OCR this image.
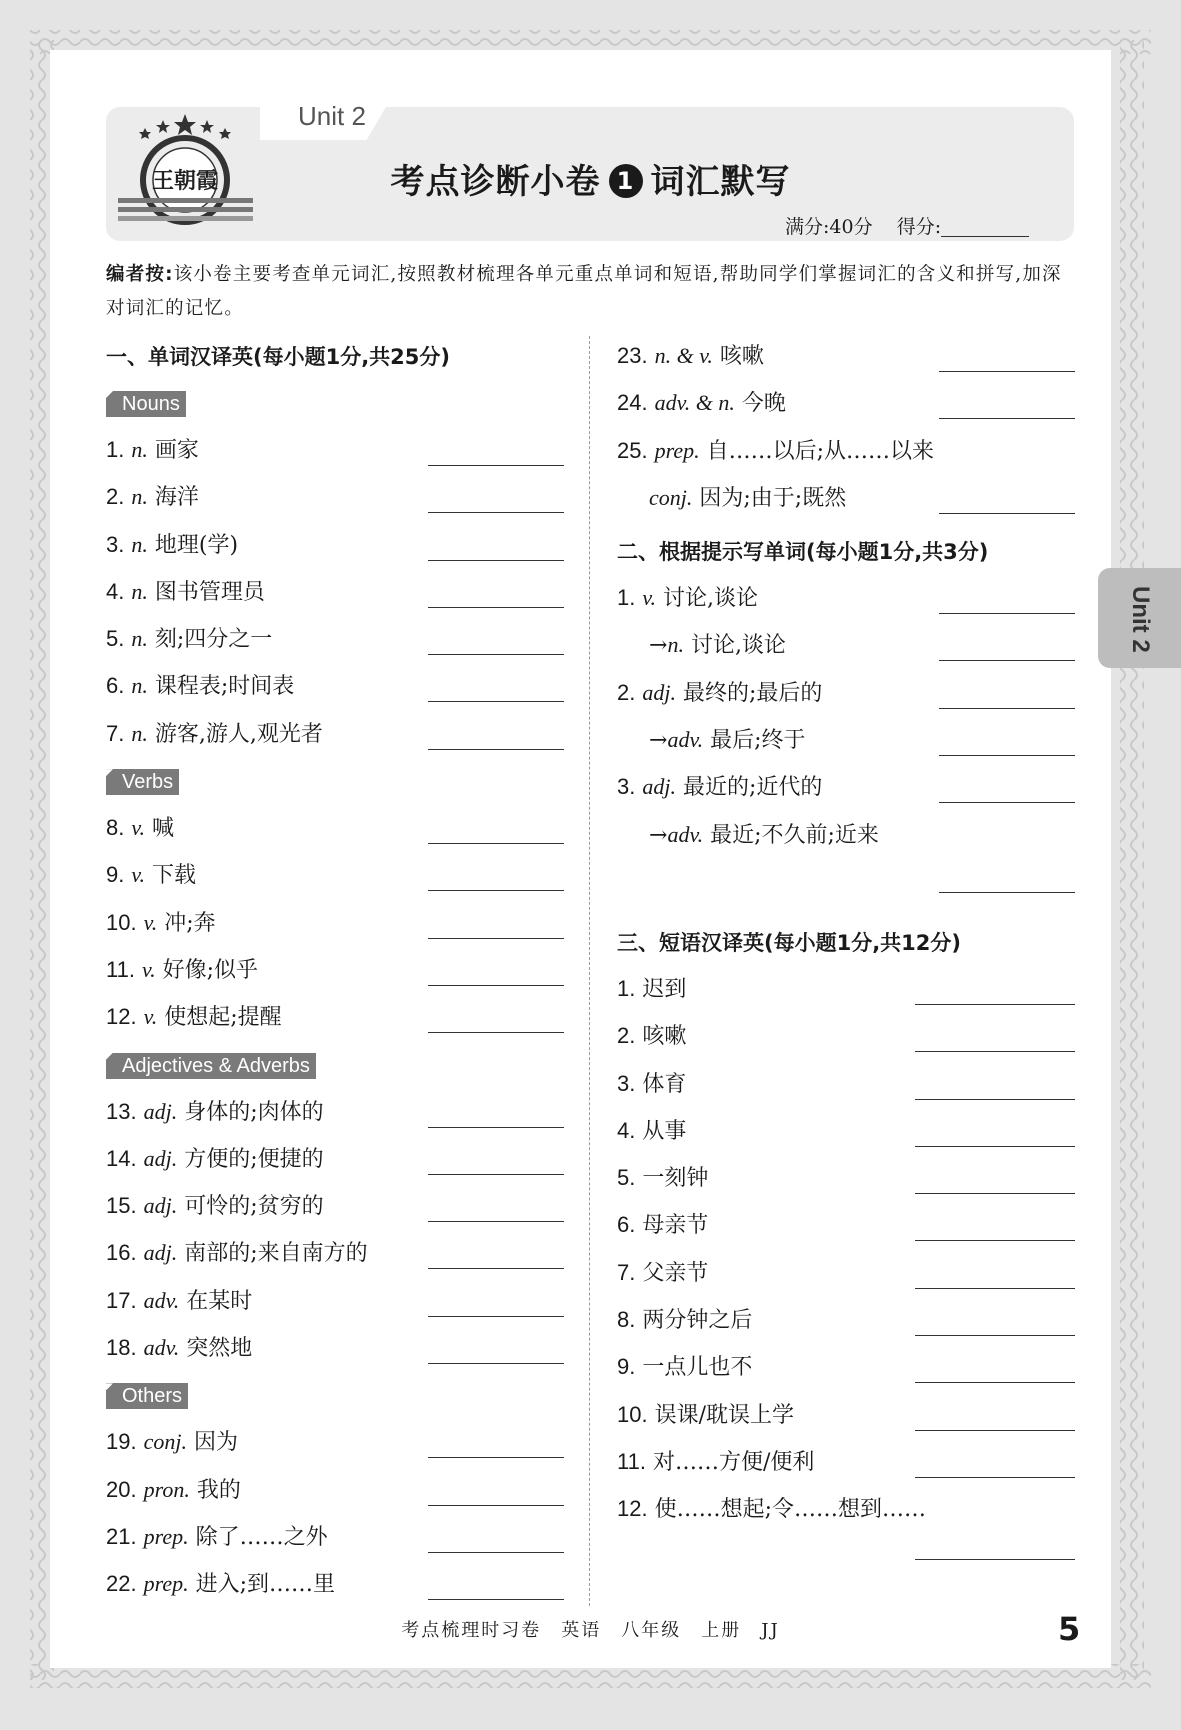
Unit 2
王朝霞	考点诊断小卷 1 词汇默写
满分:40分 得分:
编者按:该小卷主要考查单元词汇,按照教材梳理各单元重点单词和短语,帮助同学们掌握词汇的含义和拼写,加深对词汇的记忆。
一、单词汉译英(每小题1分,共25分)
Nouns
1. n. 画家
2. n. 海洋
3. n. 地理(学)
4. n. 图书管理员
5. n. 刻;四分之一
6. n. 课程表;时间表
7. n. 游客,游人,观光者
Verbs
8. v. 喊
9. v. 下载
10. v. 冲;奔
11. v. 好像;似乎
12. v. 使想起;提醒
Adjectives & Adverbs
13. adj. 身体的;肉体的
14. adj. 方便的;便捷的
15. adj. 可怜的;贫穷的
16. adj. 南部的;来自南方的
17. adv. 在某时
18. adv. 突然地
Others
19. conj. 因为
20. pron. 我的
21. prep. 除了……之外
22. prep. 进入;到……里
23. n. & v. 咳嗽
24. adv. & n. 今晚
25. prep. 自……以后;从……以来
conj. 因为;由于;既然
二、根据提示写单词(每小题1分,共3分)
1. v. 讨论,谈论
→n. 讨论,谈论
2. adj. 最终的;最后的
→adv. 最后;终于
3. adj. 最近的;近代的
→adv. 最近;不久前;近来
三、短语汉译英(每小题1分,共12分)
1. 迟到
2. 咳嗽
3. 体育
4. 从事
5. 一刻钟
6. 母亲节
7. 父亲节
8. 两分钟之后
9. 一点儿也不
10. 误课/耽误上学
11. 对……方便/便利
12. 使……想起;令……想到……
Unit 2
考点梳理时习卷 英语 八年级 上册 JJ	5
